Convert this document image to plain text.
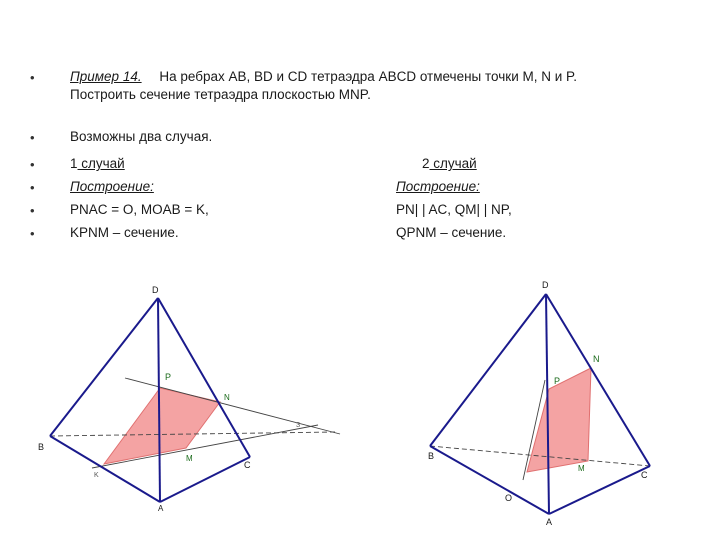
•
•
•
•
•
•
Пример 14. На ребрах AB, BD и CD тетраэдра ABCD отмечены точки M, N и P.
Построить сечение тетраэдра плоскостью MNP.
Возможны два случая.
1 случай
Построение:
PNAC = O, MOAB = K,
KPNM – сечение.
2 случай
Построение:
PN| | AC, QM| | NP,
QPNM – сечение.
D
P
N
B
C
M
K
A
З
D
N
P
B
M
C
O
A
